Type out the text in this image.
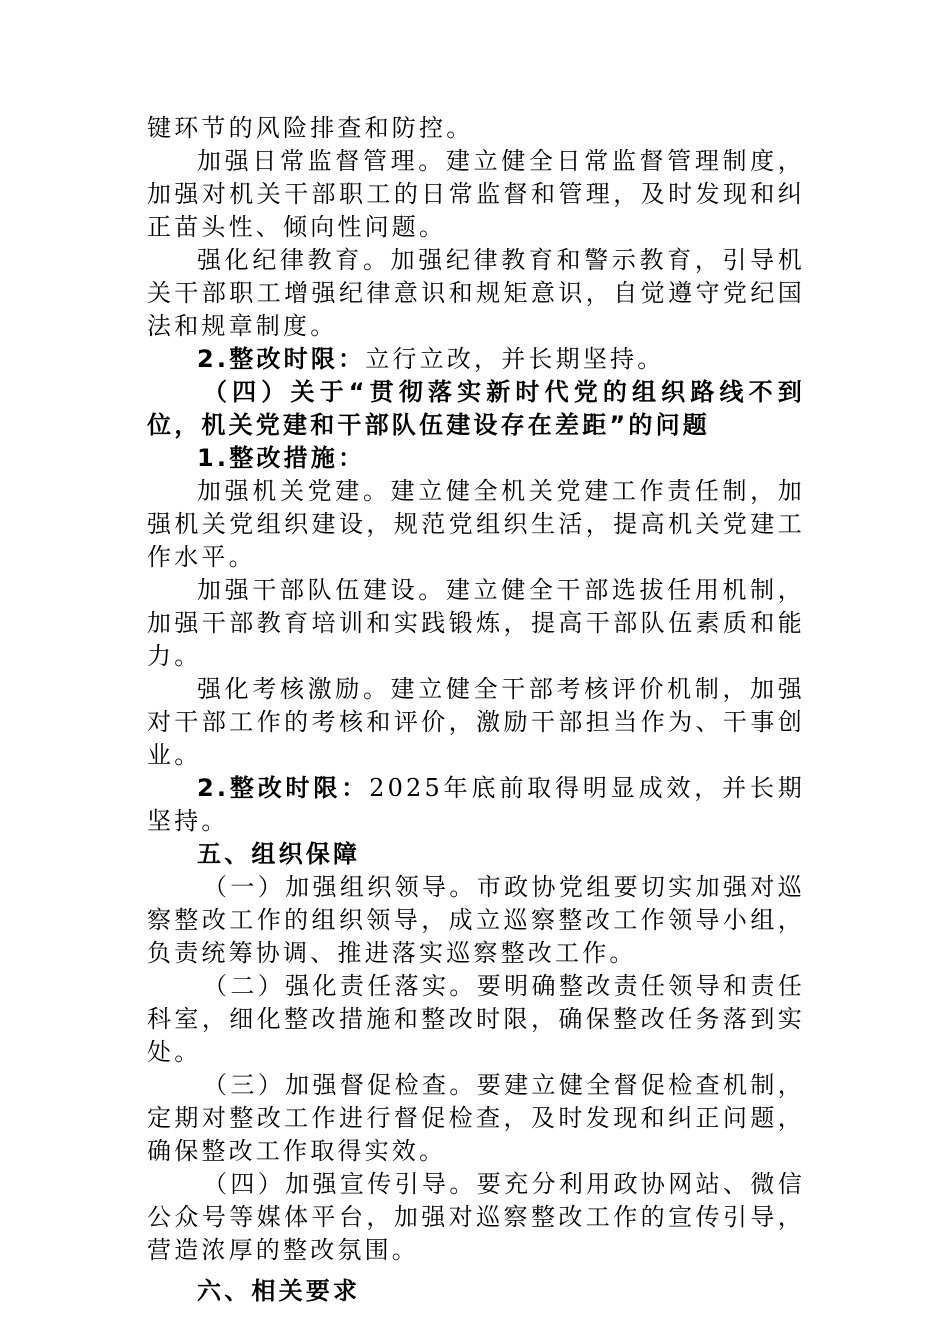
键环节的风险排查和防控。

加强日常监督管理。建立健全日常监督管理制度，加强对机关干部职工的日常监督和管理，及时发现和纠正苗头性、倾向性问题。

强化纪律教育。加强纪律教育和警示教育，引导机关干部职工增强纪律意识和规矩意识，自觉遵守党纪国法和规章制度。

2.整改时限：立行立改，并长期坚持。

（四）关于“贯彻落实新时代党的组织路线不到位，机关党建和干部队伍建设存在差距”的问题

1.整改措施：

加强机关党建。建立健全机关党建工作责任制，加强机关党组织建设，规范党组织生活，提高机关党建工作水平。

加强干部队伍建设。建立健全干部选拔任用机制，加强干部教育培训和实践锻炼，提高干部队伍素质和能力。

强化考核激励。建立健全干部考核评价机制，加强对干部工作的考核和评价，激励干部担当作为、干事创业。

2.整改时限：2025年底前取得明显成效，并长期坚持。

五、组织保障

（一）加强组织领导。市政协党组要切实加强对巡察整改工作的组织领导，成立巡察整改工作领导小组，负责统筹协调、推进落实巡察整改工作。

（二）强化责任落实。要明确整改责任领导和责任科室，细化整改措施和整改时限，确保整改任务落到实处。

（三）加强督促检查。要建立健全督促检查机制，定期对整改工作进行督促检查，及时发现和纠正问题，确保整改工作取得实效。

（四）加强宣传引导。要充分利用政协网站、微信公众号等媒体平台，加强对巡察整改工作的宣传引导，营造浓厚的整改氛围。

六、相关要求
